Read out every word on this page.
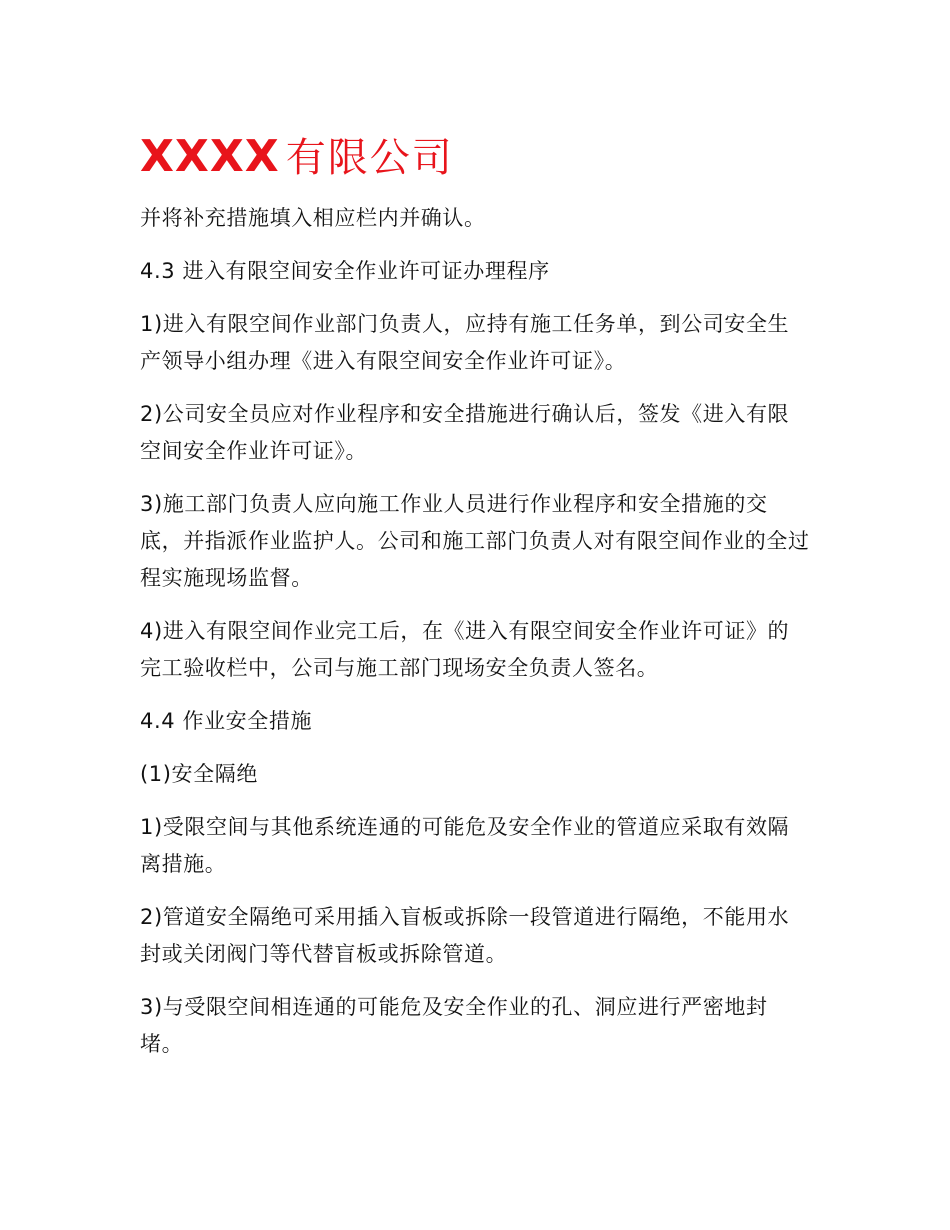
XXXX 有限公司

并将补充措施填入相应栏内并确认。

4.3 进入有限空间安全作业许可证办理程序

1)进入有限空间作业部门负责人，应持有施工任务单，到公司安全生产领导小组办理《进入有限空间安全作业许可证》。

2)公司安全员应对作业程序和安全措施进行确认后，签发《进入有限空间安全作业许可证》。

3)施工部门负责人应向施工作业人员进行作业程序和安全措施的交底，并指派作业监护人。公司和施工部门负责人对有限空间作业的全过程实施现场监督。

4)进入有限空间作业完工后，在《进入有限空间安全作业许可证》的完工验收栏中，公司与施工部门现场安全负责人签名。

4.4 作业安全措施

(1)安全隔绝

1)受限空间与其他系统连通的可能危及安全作业的管道应采取有效隔离措施。

2)管道安全隔绝可采用插入盲板或拆除一段管道进行隔绝，不能用水封或关闭阀门等代替盲板或拆除管道。

3)与受限空间相连通的可能危及安全作业的孔、洞应进行严密地封堵。
